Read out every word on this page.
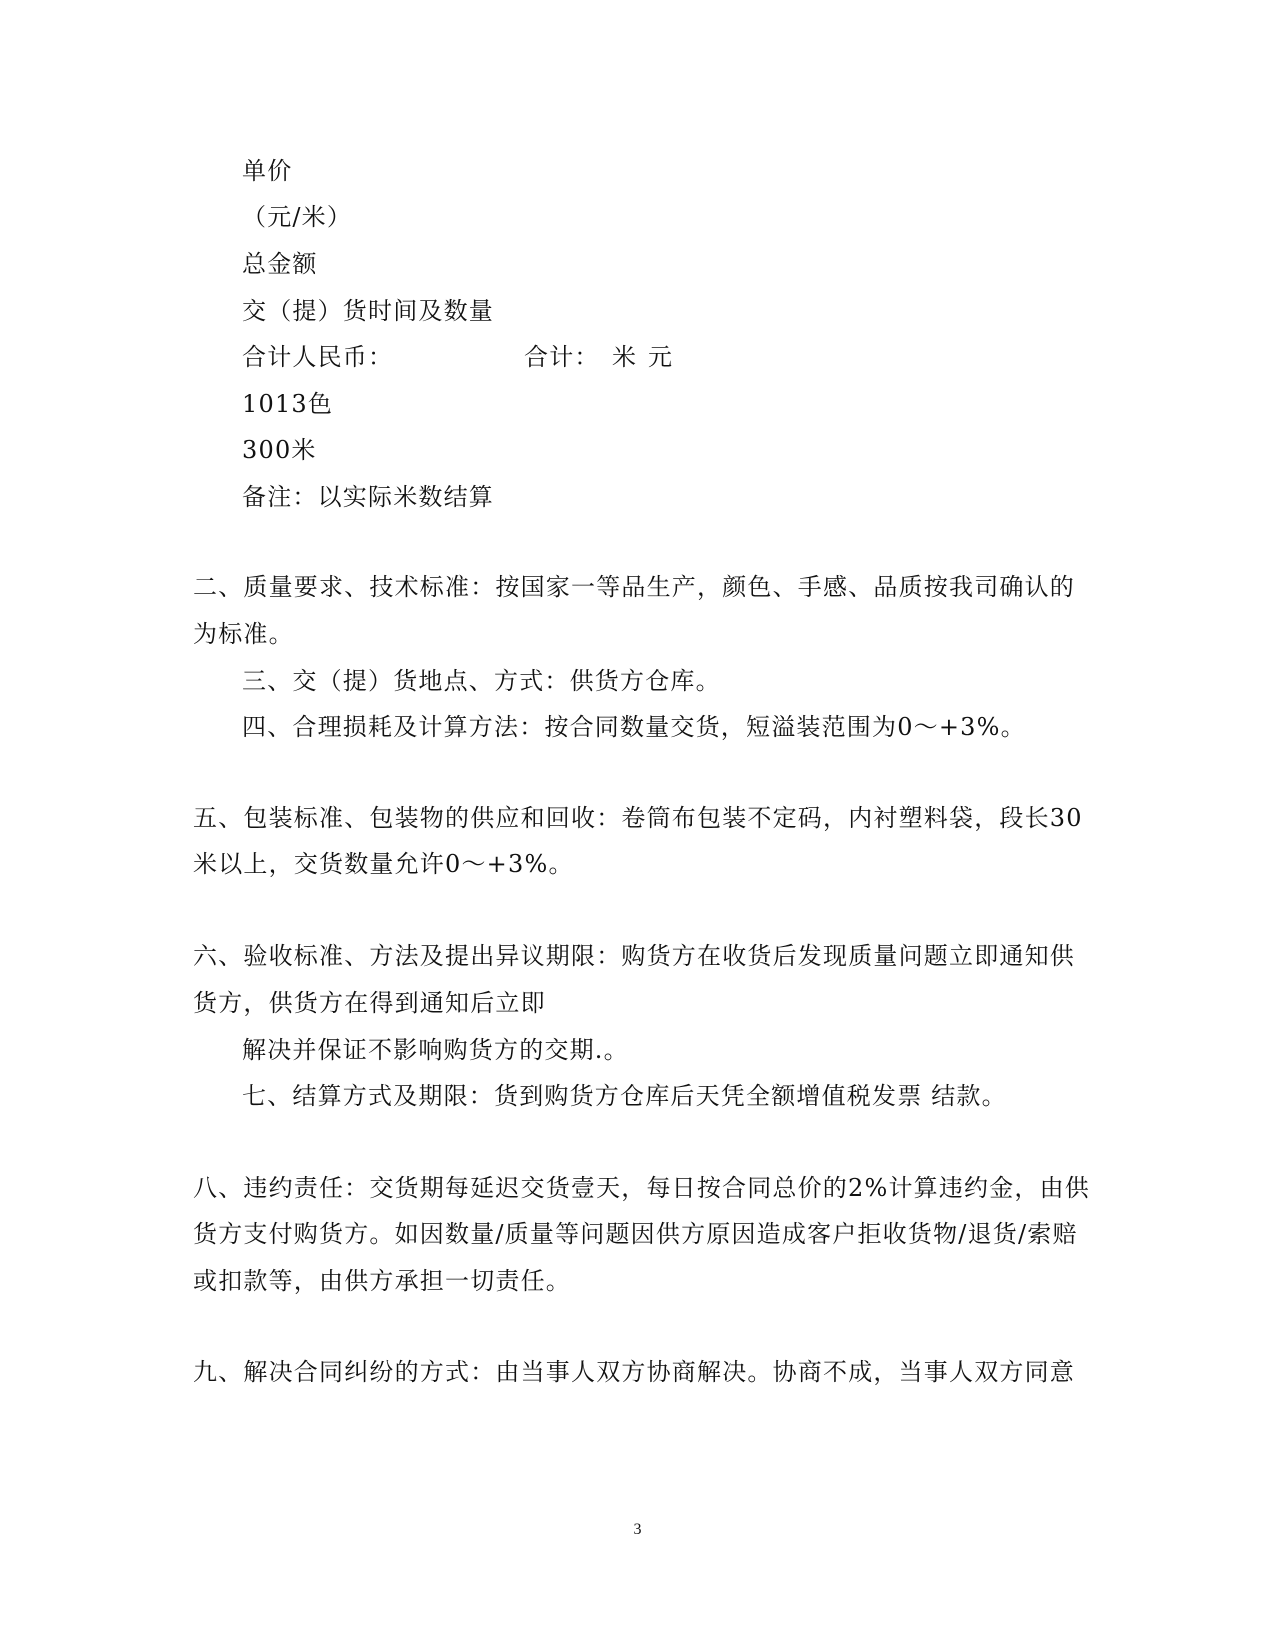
单价
（元/米）
总金额
交（提）货时间及数量

合计人民币：

	合计：

米

元

1013色
300米
备注：以实际米数结算
二、质量要求、技术标准：按国家一等品生产，颜色、手感、品质按我司确认的
为标准。
三、交（提）货地点、方式：供货方仓库。
四、合理损耗及计算方法：按合同数量交货，短溢装范围为0～+3%。
五、包装标准、包装物的供应和回收：卷筒布包装不定码，内衬塑料袋，段长30
米以上，交货数量允许0～+3%。
六、验收标准、方法及提出异议期限：购货方在收货后发现质量问题立即通知供
货方，供货方在得到通知后立即
解决并保证不影响购货方的交期.。
七、结算方式及期限：货到购货方仓库后天凭全额增值税发票 结款。
八、违约责任：交货期每延迟交货壹天，每日按合同总价的2%计算违约金，由供
货方支付购货方。如因数量/质量等问题因供方原因造成客户拒收货物/退货/索赔
或扣款等，由供方承担一切责任。
九、解决合同纠纷的方式：由当事人双方协商解决。协商不成，当事人双方同意
3
